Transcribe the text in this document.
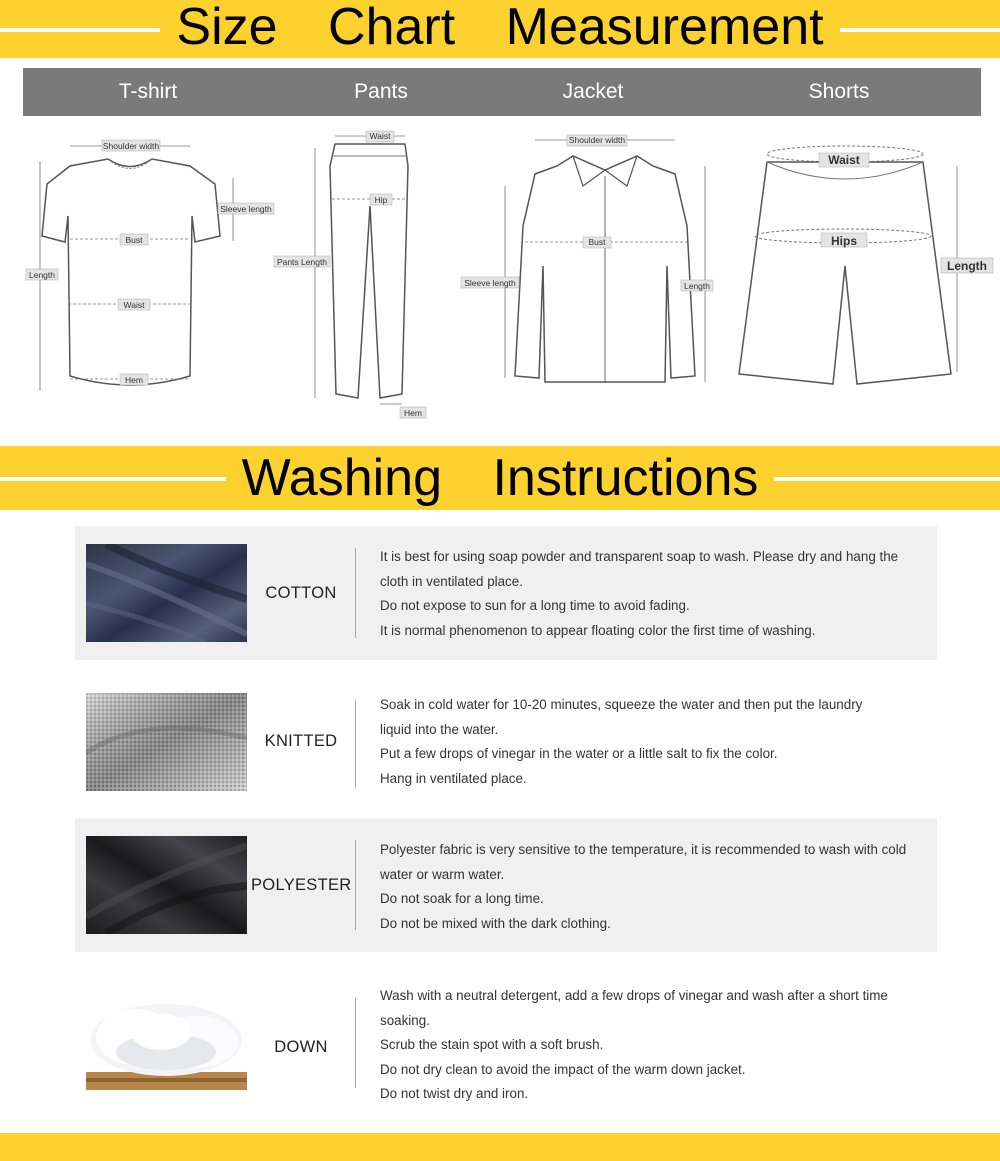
Size Chart Measurement
T-shirt	Pants	Jacket	Shorts
Shoulder width
Sleeve length
Length
Bust
Waist
Hem
Waist
Hip
Pants Length
Hem
Shoulder width
Bust
Sleeve length	Length
Waist
Hips
Length
Washing Instructions
COTTON

It is best for using soap powder and transparent soap to wash. Please dry and hang the

cloth in ventilated place.

Do not expose to sun for a long time to avoid fading.

It is normal phenomenon to appear floating color the first time of washing.

KNITTED

Soak in cold water for 10-20 minutes, squeeze the water and then put the laundry

liquid into the water.

Put a few drops of vinegar in the water or a little salt to fix the color.

Hang in ventilated place.

POLYESTER

Polyester fabric is very sensitive to the temperature, it is recommended to wash with cold

water or warm water.

Do not soak for a long time.

Do not be mixed with the dark clothing.

DOWN

Wash with a neutral detergent, add a few drops of vinegar and wash after a short time

soaking.

Scrub the stain spot with a soft brush.

Do not dry clean to avoid the impact of the warm down jacket.

Do not twist dry and iron.
